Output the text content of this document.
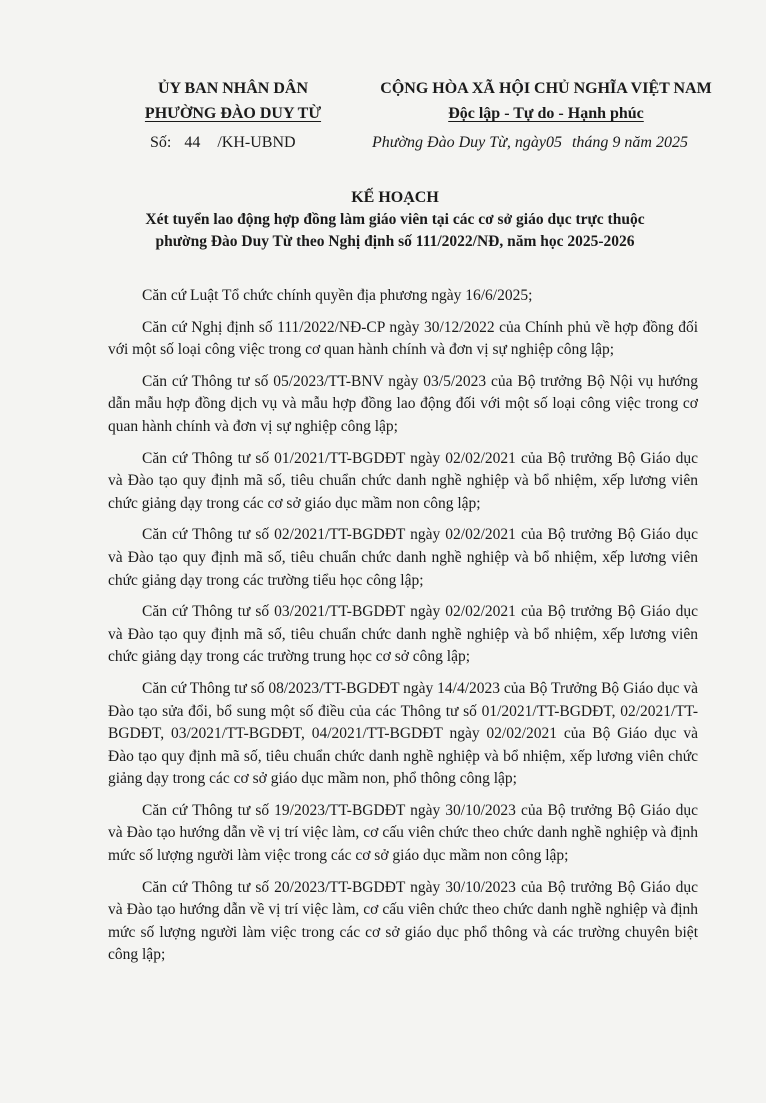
ỦY BAN NHÂN DÂN
PHƯỜNG ĐÀO DUY TỪ
CỘNG HÒA XÃ HỘI CHỦ NGHĨA VIỆT NAM
Độc lập - Tự do - Hạnh phúc
Số: 44 /KH-UBND	Phường Đào Duy Từ, ngày05 tháng 9 năm 2025
KẾ HOẠCH
Xét tuyển lao động hợp đồng làm giáo viên tại các cơ sở giáo dục trực thuộc
phường Đào Duy Từ theo Nghị định số 111/2022/NĐ, năm học 2025-2026

Căn cứ Luật Tổ chức chính quyền địa phương ngày 16/6/2025;

Căn cứ Nghị định số 111/2022/NĐ-CP ngày 30/12/2022 của Chính phủ về hợp đồng đối với một số loại công việc trong cơ quan hành chính và đơn vị sự nghiệp công lập;

Căn cứ Thông tư số 05/2023/TT-BNV ngày 03/5/2023 của Bộ trưởng Bộ Nội vụ hướng dẫn mẫu hợp đồng dịch vụ và mẫu hợp đồng lao động đối với một số loại công việc trong cơ quan hành chính và đơn vị sự nghiệp công lập;

Căn cứ Thông tư số 01/2021/TT-BGDĐT ngày 02/02/2021 của Bộ trưởng Bộ Giáo dục và Đào tạo quy định mã số, tiêu chuẩn chức danh nghề nghiệp và bổ nhiệm, xếp lương viên chức giảng dạy trong các cơ sở giáo dục mầm non công lập;

Căn cứ Thông tư số 02/2021/TT-BGDĐT ngày 02/02/2021 của Bộ trưởng Bộ Giáo dục và Đào tạo quy định mã số, tiêu chuẩn chức danh nghề nghiệp và bổ nhiệm, xếp lương viên chức giảng dạy trong các trường tiểu học công lập;

Căn cứ Thông tư số 03/2021/TT-BGDĐT ngày 02/02/2021 của Bộ trưởng Bộ Giáo dục và Đào tạo quy định mã số, tiêu chuẩn chức danh nghề nghiệp và bổ nhiệm, xếp lương viên chức giảng dạy trong các trường trung học cơ sở công lập;

Căn cứ Thông tư số 08/2023/TT-BGDĐT ngày 14/4/2023 của Bộ Trưởng Bộ Giáo dục và Đào tạo sửa đổi, bổ sung một số điều của các Thông tư số 01/2021/TT-BGDĐT, 02/2021/TT-BGDĐT, 03/2021/TT-BGDĐT, 04/2021/TT-BGDĐT ngày 02/02/2021 của Bộ Giáo dục và Đào tạo quy định mã số, tiêu chuẩn chức danh nghề nghiệp và bổ nhiệm, xếp lương viên chức giảng dạy trong các cơ sở giáo dục mầm non, phổ thông công lập;

Căn cứ Thông tư số 19/2023/TT-BGDĐT ngày 30/10/2023 của Bộ trưởng Bộ Giáo dục và Đào tạo hướng dẫn về vị trí việc làm, cơ cấu viên chức theo chức danh nghề nghiệp và định mức số lượng người làm việc trong các cơ sở giáo dục mầm non công lập;

Căn cứ Thông tư số 20/2023/TT-BGDĐT ngày 30/10/2023 của Bộ trưởng Bộ Giáo dục và Đào tạo hướng dẫn về vị trí việc làm, cơ cấu viên chức theo chức danh nghề nghiệp và định mức số lượng người làm việc trong các cơ sở giáo dục phổ thông và các trường chuyên biệt công lập;
